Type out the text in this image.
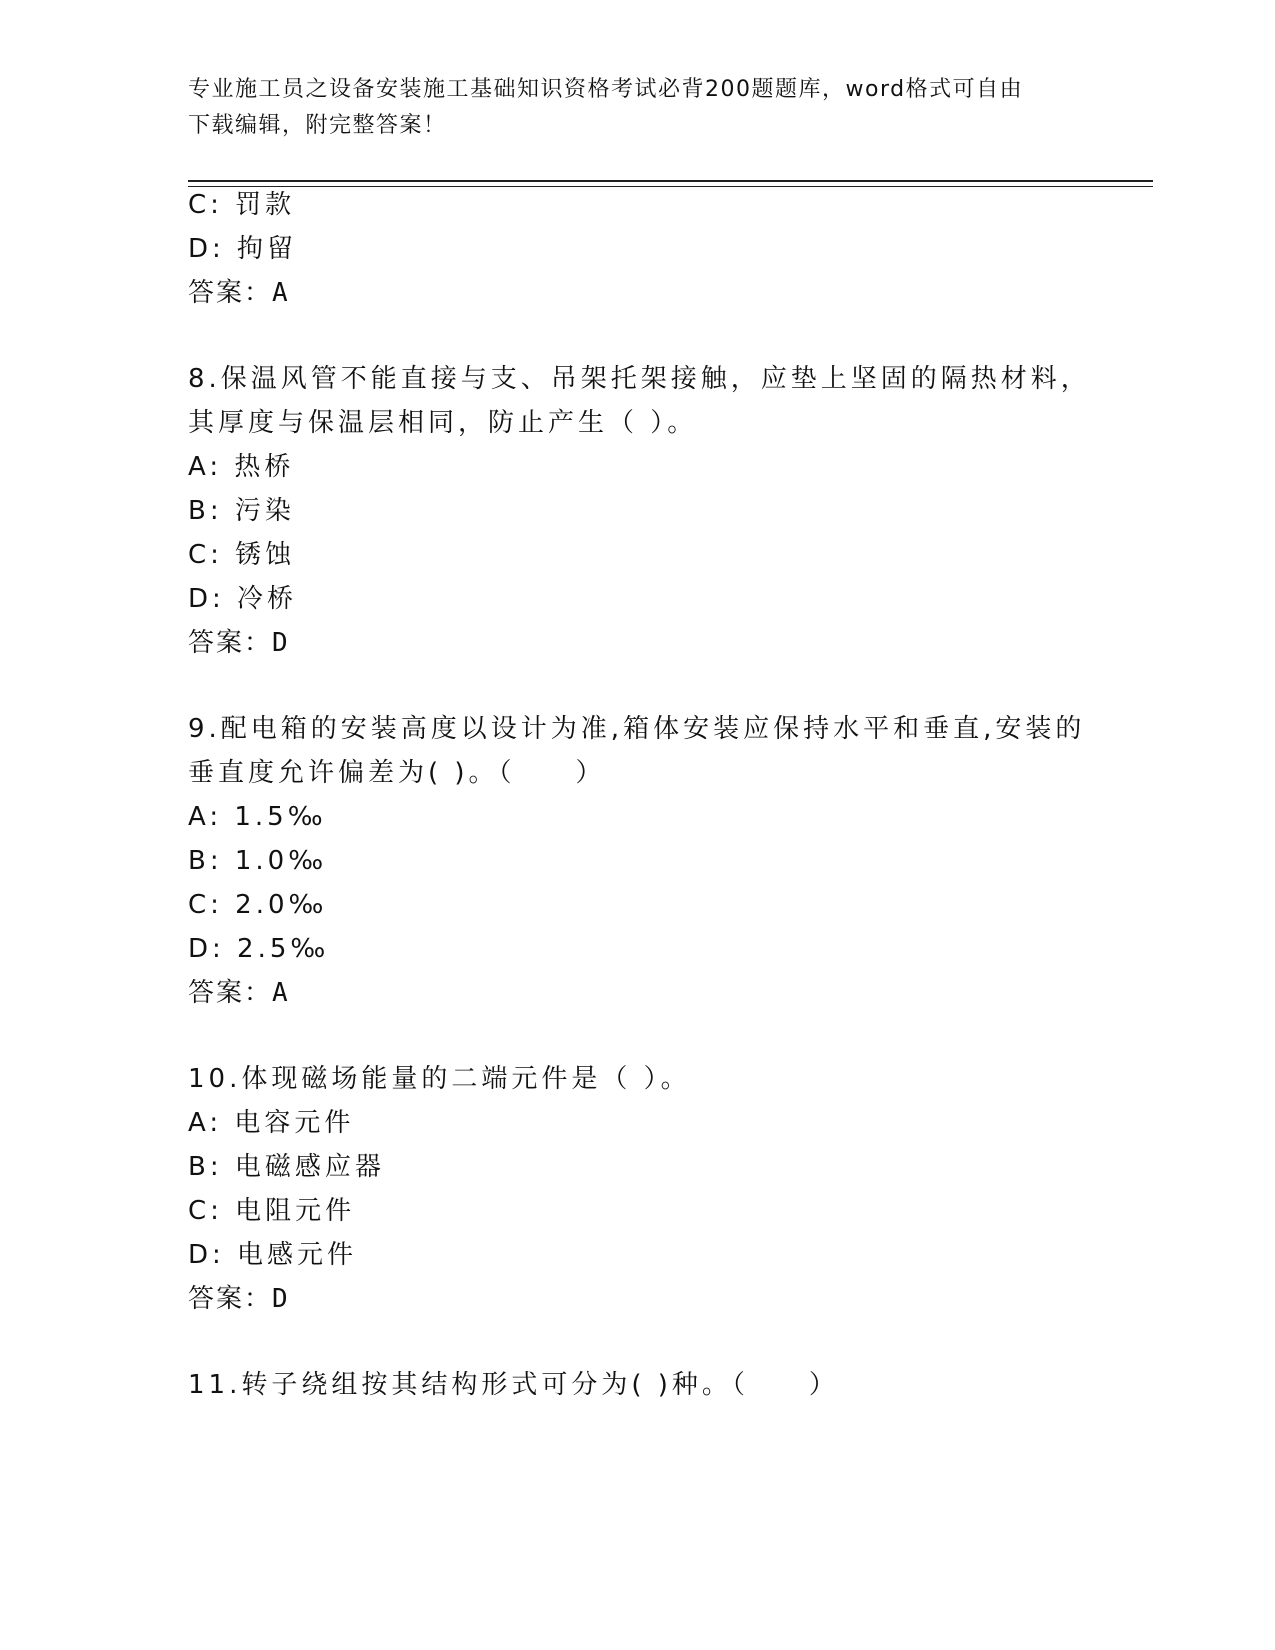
专业施工员之设备安装施工基础知识资格考试必背200题题库，word格式可自由
下载编辑，附完整答案！
C: 罚款
D: 拘留
答案：A
8.保温风管不能直接与支、吊架托架接触，应垫上坚固的隔热材料，
其厚度与保温层相同，防止产生（ ）。
A: 热桥
B: 污染
C: 锈蚀
D: 冷桥
答案：D
9.配电箱的安装高度以设计为准,箱体安装应保持水平和垂直,安装的
垂直度允许偏差为( )。（　　）
A: 1.5‰
B: 1.0‰
C: 2.0‰
D: 2.5‰
答案：A
10.体现磁场能量的二端元件是（ ）。
A: 电容元件
B: 电磁感应器
C: 电阻元件
D: 电感元件
答案：D
11.转子绕组按其结构形式可分为( )种。（　　）
